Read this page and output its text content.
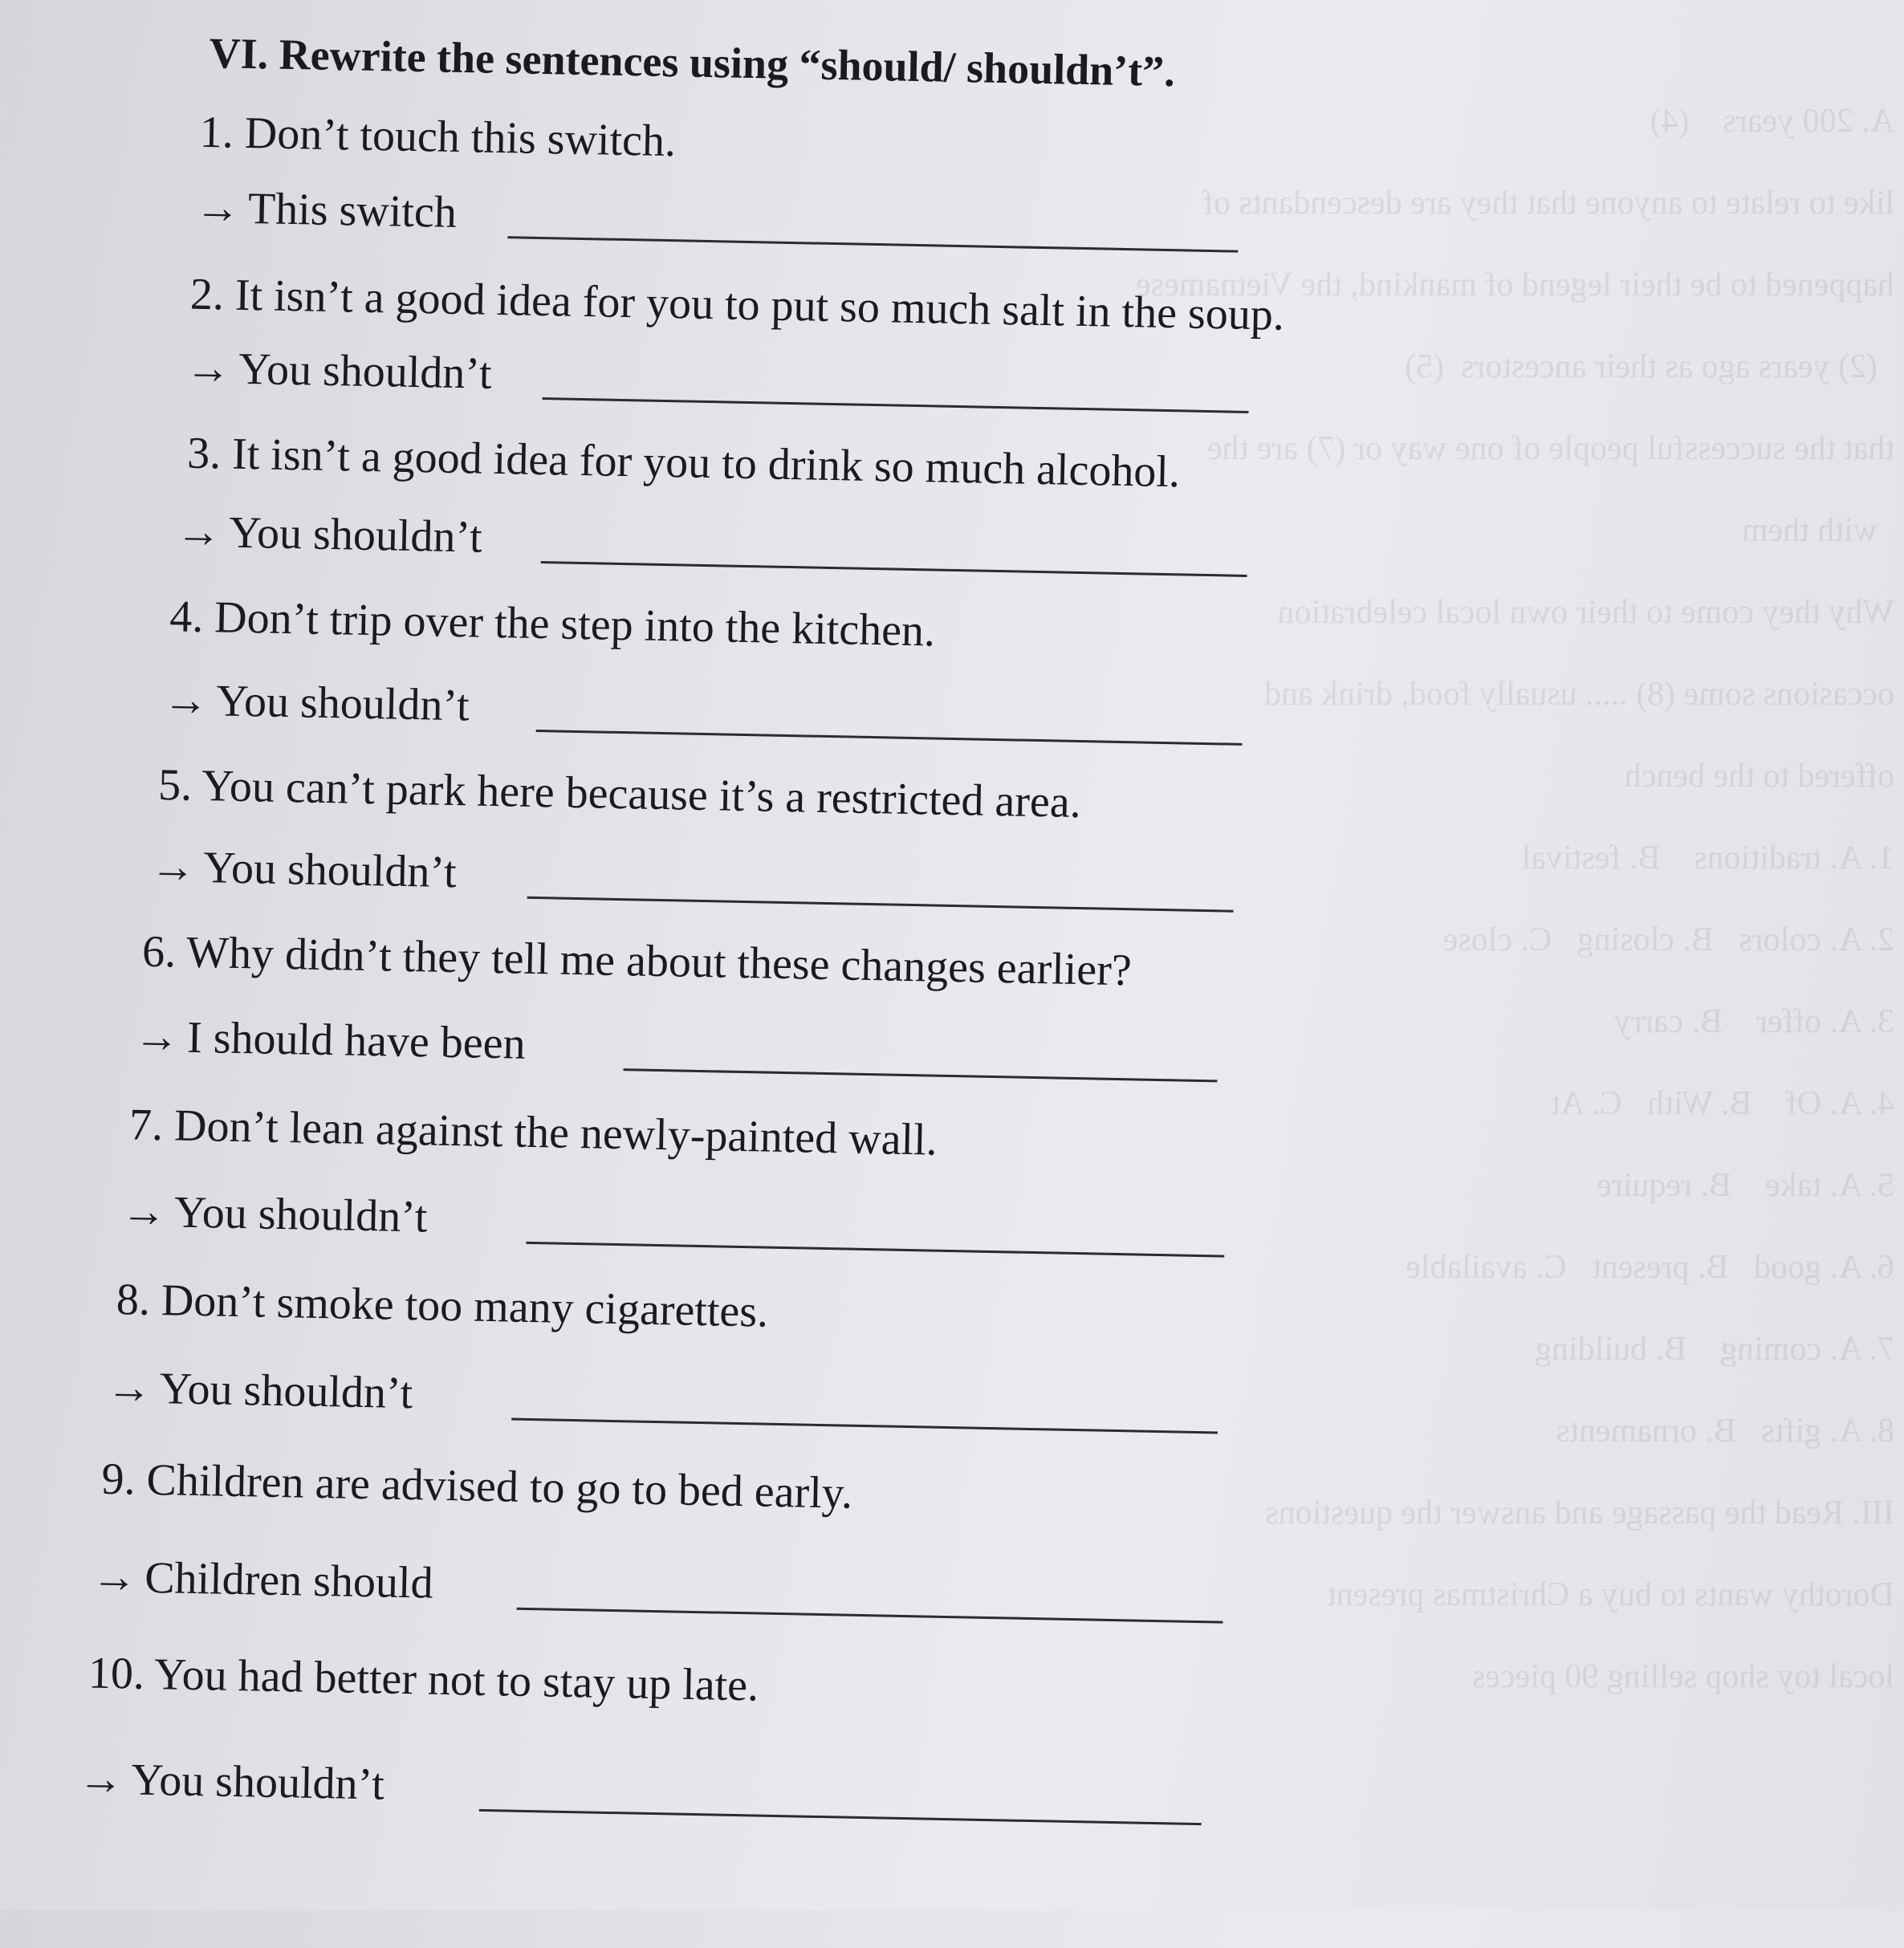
A. 200 years    (4)
like to relate to anyone that they are descendants of
happened to be their legend of mankind, the Vietnamese
(2) years ago as their ancestors  (5)
that the successful people of one way or (7) are the
with them
Why they come to their own local celebration
occasions some (8) ..... usually food, drink and
offered to the bench
1. A. traditions    B. festival
2. A. colors   B. closing   C. close
3. A. offer    B. carry
4. A. Of    B. With   C. At
5. A. take    B. require
6. A. good   B. present   C. available
7. A. coming    B. building
8. A. gifts   B. ornaments
III. Read the passage and answer the questions
Dorothy wants to buy a Christmas present
local toy shop selling 90 pieces
VI. Rewrite the sentences using “should/ shouldn’t”.
1. Don’t touch this switch.
→ This switch
2. It isn’t a good idea for you to put so much salt in the soup.
→ You shouldn’t
3. It isn’t a good idea for you to drink so much alcohol.
→ You shouldn’t
4. Don’t trip over the step into the kitchen.
→ You shouldn’t
5. You can’t park here because it’s a restricted area.
→ You shouldn’t
6. Why didn’t they tell me about these changes earlier?
→ I should have been
7. Don’t lean against the newly-painted wall.
→ You shouldn’t
8. Don’t smoke too many cigarettes.
→ You shouldn’t
9. Children are advised to go to bed early.
→ Children should
10. You had better not to stay up late.
→ You shouldn’t
